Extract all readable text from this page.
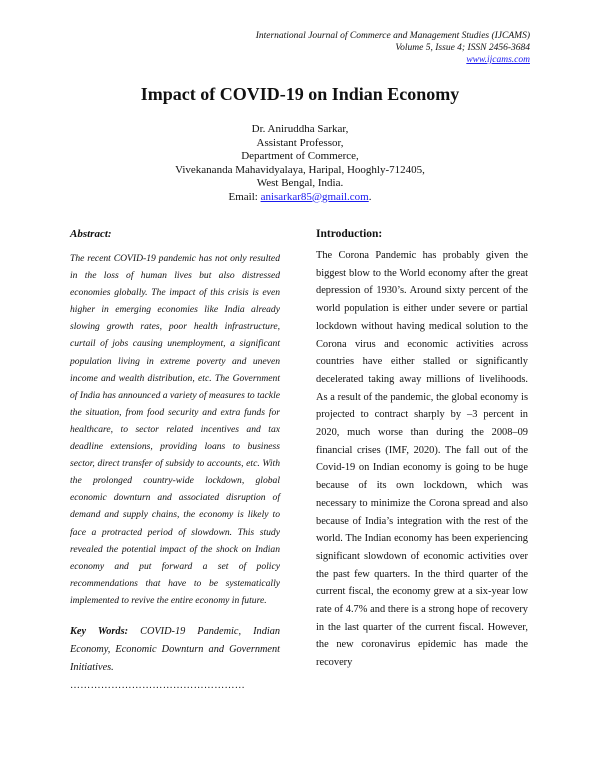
International Journal of Commerce and Management Studies (IJCAMS)
Volume 5, Issue 4; ISSN 2456-3684
www.ijcams.com
Impact of COVID-19 on Indian Economy
Dr. Aniruddha Sarkar,
Assistant Professor,
Department of Commerce,
Vivekananda Mahavidyalaya, Haripal, Hooghly-712405,
West Bengal, India.
Email: anisarkar85@gmail.com.

Abstract:

The recent COVID-19 pandemic has not only resulted in the loss of human lives but also distressed economies globally. The impact of this crisis is even higher in emerging economies like India already slowing growth rates, poor health infrastructure, curtail of jobs causing unemployment, a significant population living in extreme poverty and uneven income and wealth distribution, etc. The Government of India has announced a variety of measures to tackle the situation, from food security and extra funds for healthcare, to sector related incentives and tax deadline extensions, providing loans to business sector, direct transfer of subsidy to accounts, etc. With the prolonged country-wide lockdown, global economic downturn and associated disruption of demand and supply chains, the economy is likely to face a protracted period of slowdown. This study revealed the potential impact of the shock on Indian economy and put forward a set of policy recommendations that have to be systematically implemented to revive the entire economy in future.

Key Words: COVID-19 Pandemic, Indian Economy, Economic Downturn and Government Initiatives.

……………………………………………

Introduction:

The Corona Pandemic has probably given the biggest blow to the World economy after the great depression of 1930’s. Around sixty percent of the world population is either under severe or partial lockdown without having medical solution to the Corona virus and economic activities across countries have either stalled or significantly decelerated taking away millions of livelihoods. As a result of the pandemic, the global economy is projected to contract sharply by –3 percent in 2020, much worse than during the 2008–09 financial crises (IMF, 2020). The fall out of the Covid-19 on Indian economy is going to be huge because of its own lockdown, which was necessary to minimize the Corona spread and also because of India’s integration with the rest of the world. The Indian economy has been experiencing significant slowdown of economic activities over the past few quarters. In the third quarter of the current fiscal, the economy grew at a six-year low rate of 4.7% and there is a strong hope of recovery in the last quarter of the current fiscal. However, the new coronavirus epidemic has made the recovery
